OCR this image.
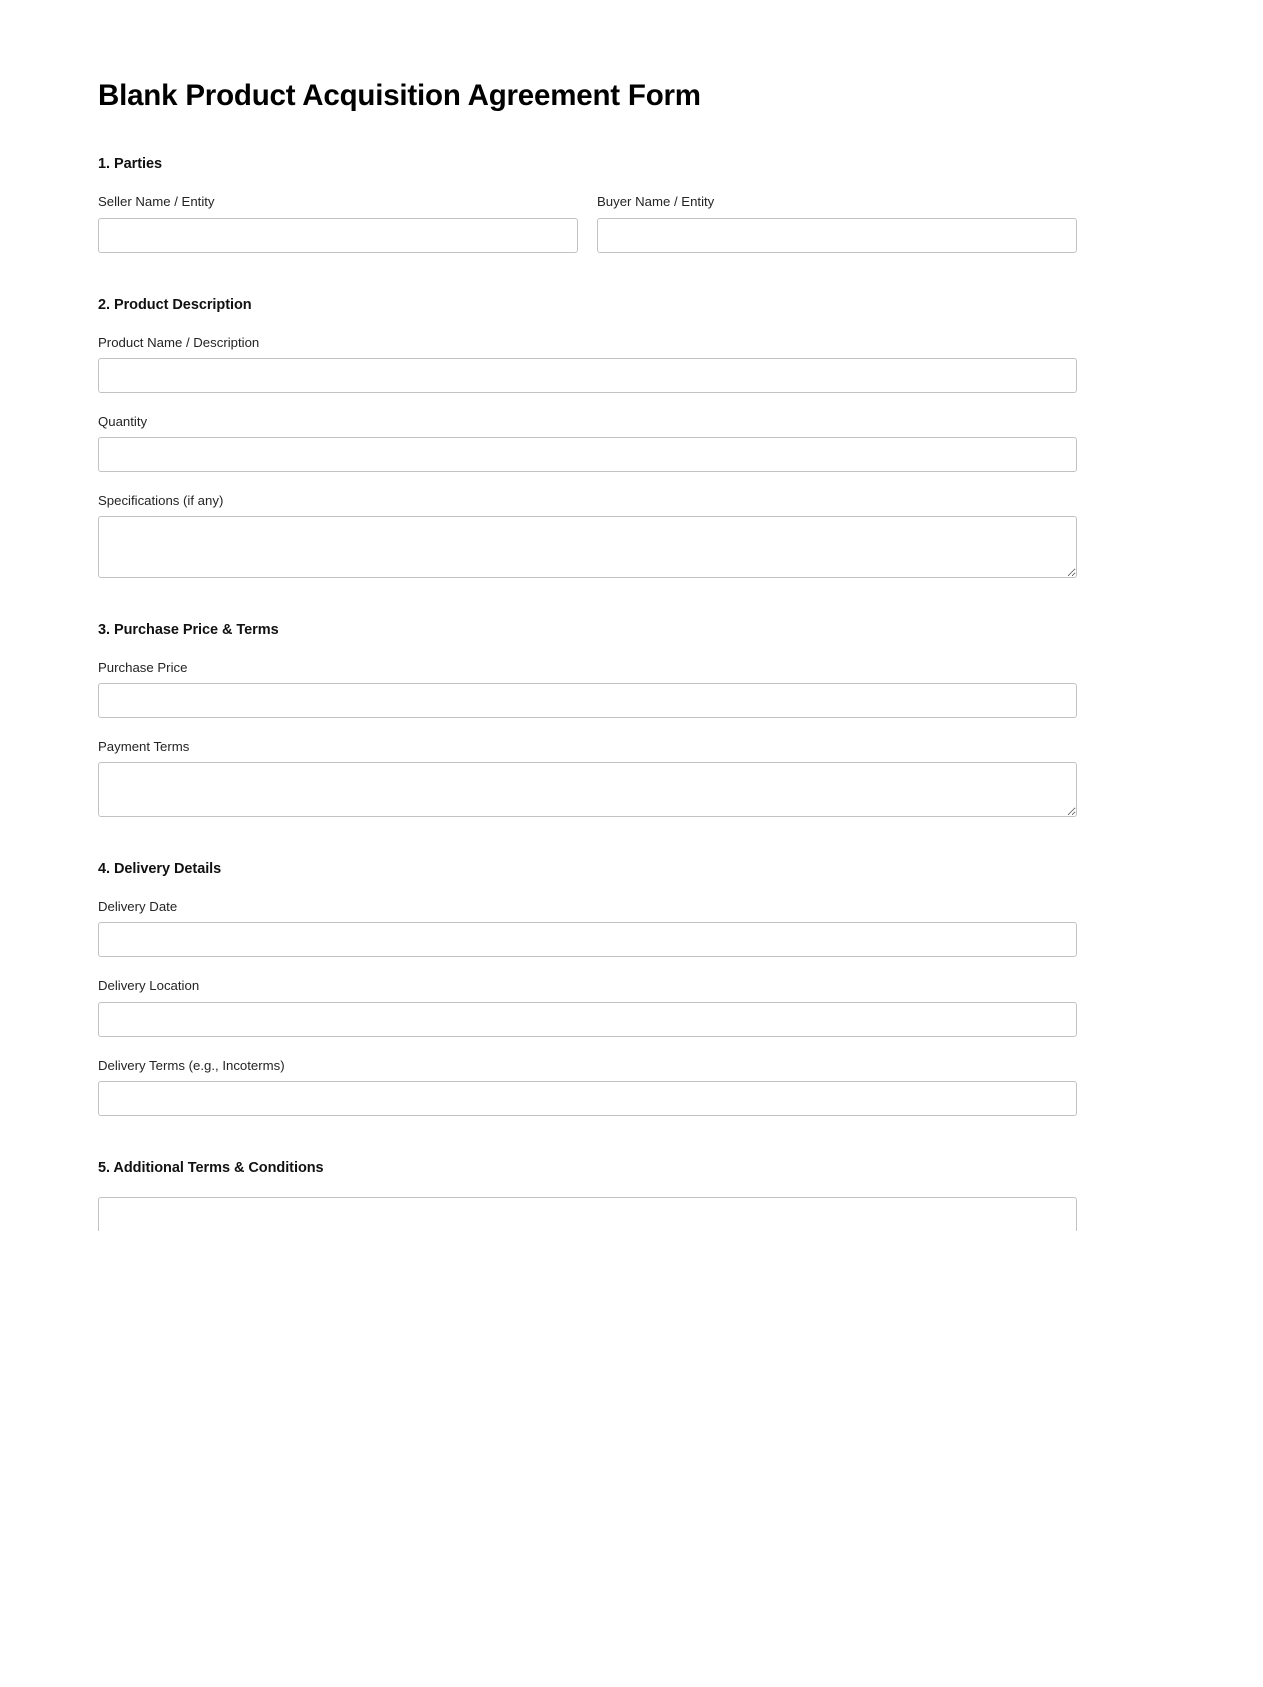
Blank Product Acquisition Agreement Form
1. Parties
Seller Name / Entity	Buyer Name / Entity
2. Product Description
Product Name / Description
Quantity
Specifications (if any)
3. Purchase Price & Terms
Purchase Price
Payment Terms
4. Delivery Details
Delivery Date
Delivery Location
Delivery Terms (e.g., Incoterms)
5. Additional Terms & Conditions
